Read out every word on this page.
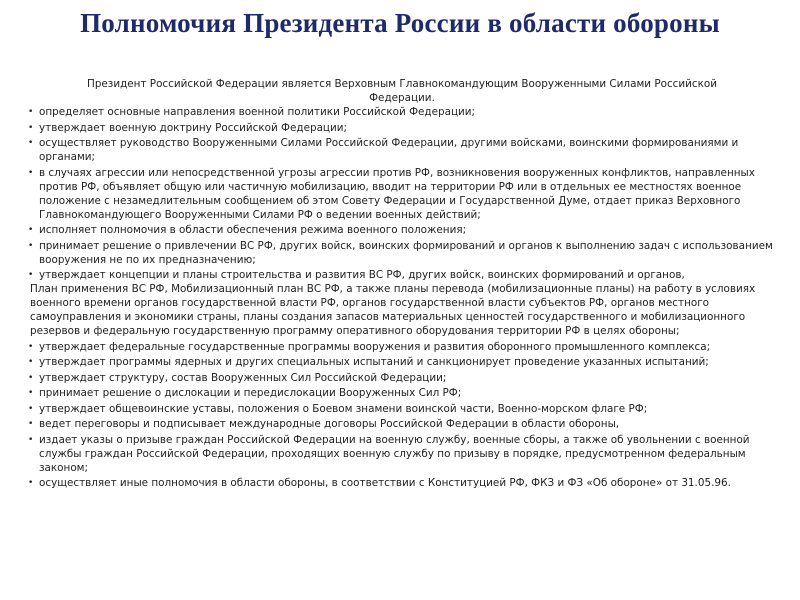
Полномочия Президента России в области обороны

Президент Российской Федерации является Верховным Главнокомандующим Вооруженными Силами Российской Федерации.

• определяет основные направления военной политики Российской Федерации;
• утверждает военную доктрину Российской Федерации;
• осуществляет руководство Вооруженными Силами Российской Федерации, другими войсками, воинскими формированиями и органами;
• в случаях агрессии или непосредственной угрозы агрессии против РФ, возникновения вооруженных конфликтов, направленных против РФ, объявляет общую или частичную мобилизацию, вводит на территории РФ или в отдельных ее местностях военное положение с незамедлительным сообщением об этом Совету Федерации и Государственной Думе, отдает приказ Верховного Главнокомандующего Вооруженными Силами РФ о ведении военных действий;
• исполняет полномочия в области обеспечения режима военного положения;
• принимает решение о привлечении ВС РФ, других войск, воинских формирований и органов к выполнению задач с использованием вооружения не по их предназначению;
• утверждает концепции и планы строительства и развития ВС РФ, других войск, воинских формирований и органов,
План применения ВС РФ, Мобилизационный план ВС РФ, а также планы перевода (мобилизационные планы) на работу в условиях военного времени органов государственной власти РФ, органов государственной власти субъектов РФ, органов местного самоуправления и экономики страны, планы создания запасов материальных ценностей государственного и мобилизационного резервов и федеральную государственную программу оперативного оборудования территории РФ в целях обороны;
• утверждает федеральные государственные программы вооружения и развития оборонного промышленного комплекса;
• утверждает программы ядерных и других специальных испытаний и санкционирует проведение указанных испытаний;
• утверждает структуру, состав Вооруженных Сил Российской Федерации;
• принимает решение о дислокации и передислокации Вооруженных Сил РФ;
• утверждает общевоинские уставы, положения о Боевом знамени воинской части, Военно-морском флаге РФ;
• ведет переговоры и подписывает международные договоры Российской Федерации в области обороны,
• издает указы о призыве граждан Российской Федерации на военную службу, военные сборы, а также об увольнении с военной службы граждан Российской Федерации, проходящих военную службу по призыву в порядке, предусмотренном федеральным законом;
• осуществляет иные полномочия в области обороны, в соответствии с Конституцией РФ, ФКЗ и ФЗ «Об обороне» от 31.05.96.
